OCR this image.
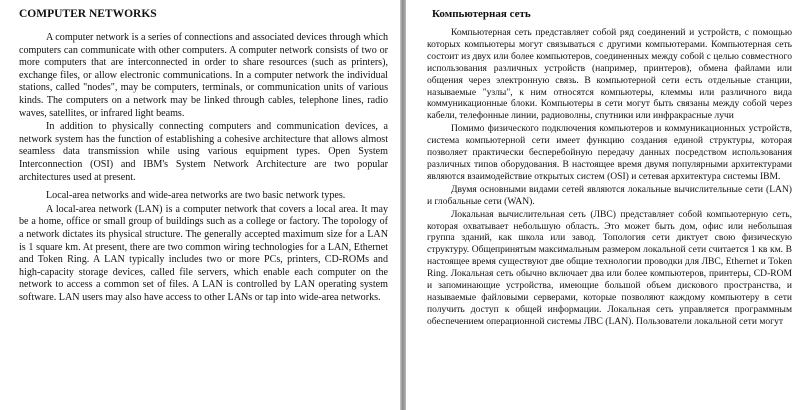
COMPUTER NETWORKS

A computer network is a series of connections and associated devices through which computers can communicate with other computers. A computer network consists of two or more computers that are interconnected in order to share resources (such as printers), exchange files, or allow electronic communications. In a computer network the individual stations, called "nodes", may be computers, terminals, or communication units of various kinds. The computers on a network may be linked through cables, telephone lines, radio waves, satellites, or infrared light beams.

In addition to physically connecting computers and communication devices, a network system has the function of establishing a cohesive architecture that allows almost seamless data transmission while using various equipment types. Open System Interconnection (OSI) and IBM's System Network Architecture are two popular architectures used at present.

Local-area networks and wide-area networks are two basic network types.

A local-area network (LAN) is a computer network that covers a local area. It may be a home, office or small group of buildings such as a college or factory. The topology of a network dictates its physical structure. The generally accepted maximum size for a LAN is 1 square km. At present, there are two common wiring technologies for a LAN, Ethernet and Token Ring. A LAN typically includes two or more PCs, printers, CD-ROMs and high-capacity storage devices, called file servers, which enable each computer on the network to access a common set of files. A LAN is controlled by LAN operating system software. LAN users may also have access to other LANs or tap into wide-area networks.

Компьютерная сеть

Компьютерная сеть представляет собой ряд соединений и устройств, с помощью которых компьютеры могут связываться с другими компьютерами. Компьютерная сеть состоит из двух или более компьютеров, соединенных между собой с целью совместного использования различных устройств (например, принтеров), обмена файлами или общения через электронную связь. В компьютерной сети есть отдельные станции, называемые "узлы", к ним относятся компьютеры, клеммы или различного вида коммуникационные блоки. Компьютеры в сети могут быть связаны между собой через кабели, телефонные линии, радиоволны, спутники или инфракрасные лучи

Помимо физического подключения компьютеров и коммуникационных устройств, система компьютерной сети имеет функцию создания единой структуры, которая позволяет практически бесперебойную передачу данных посредством использования различных типов оборудования. В настоящее время двумя популярными архитектурами являются взаимодействие открытых систем (OSI) и сетевая архитектура системы IBM.

Двумя основными видами сетей являются локальные вычислительные сети (LAN) и глобальные сети (WAN).

Локальная вычислительная сеть (ЛВС) представляет собой компьютерную сеть, которая охватывает небольшую область. Это может быть дом, офис или небольшая группа зданий, как школа или завод. Топология сети диктует свою физическую структуру. Общепринятым максимальным размером локальной сети считается 1 кв км. В настоящее время существуют две общие технологии проводки для ЛВС, Ethernet и Token Ring. Локальная сеть обычно включает два или более компьютеров, принтеры, CD-ROM и запоминающие устройства, имеющие большой объем дискового пространства, и называемые файловыми серверами, которые позволяют каждому компьютеру в сети получить доступ к общей информации. Локальная сеть управляется программным обеспечением операционной системы ЛВС (LAN). Пользователи локальной сети могут
